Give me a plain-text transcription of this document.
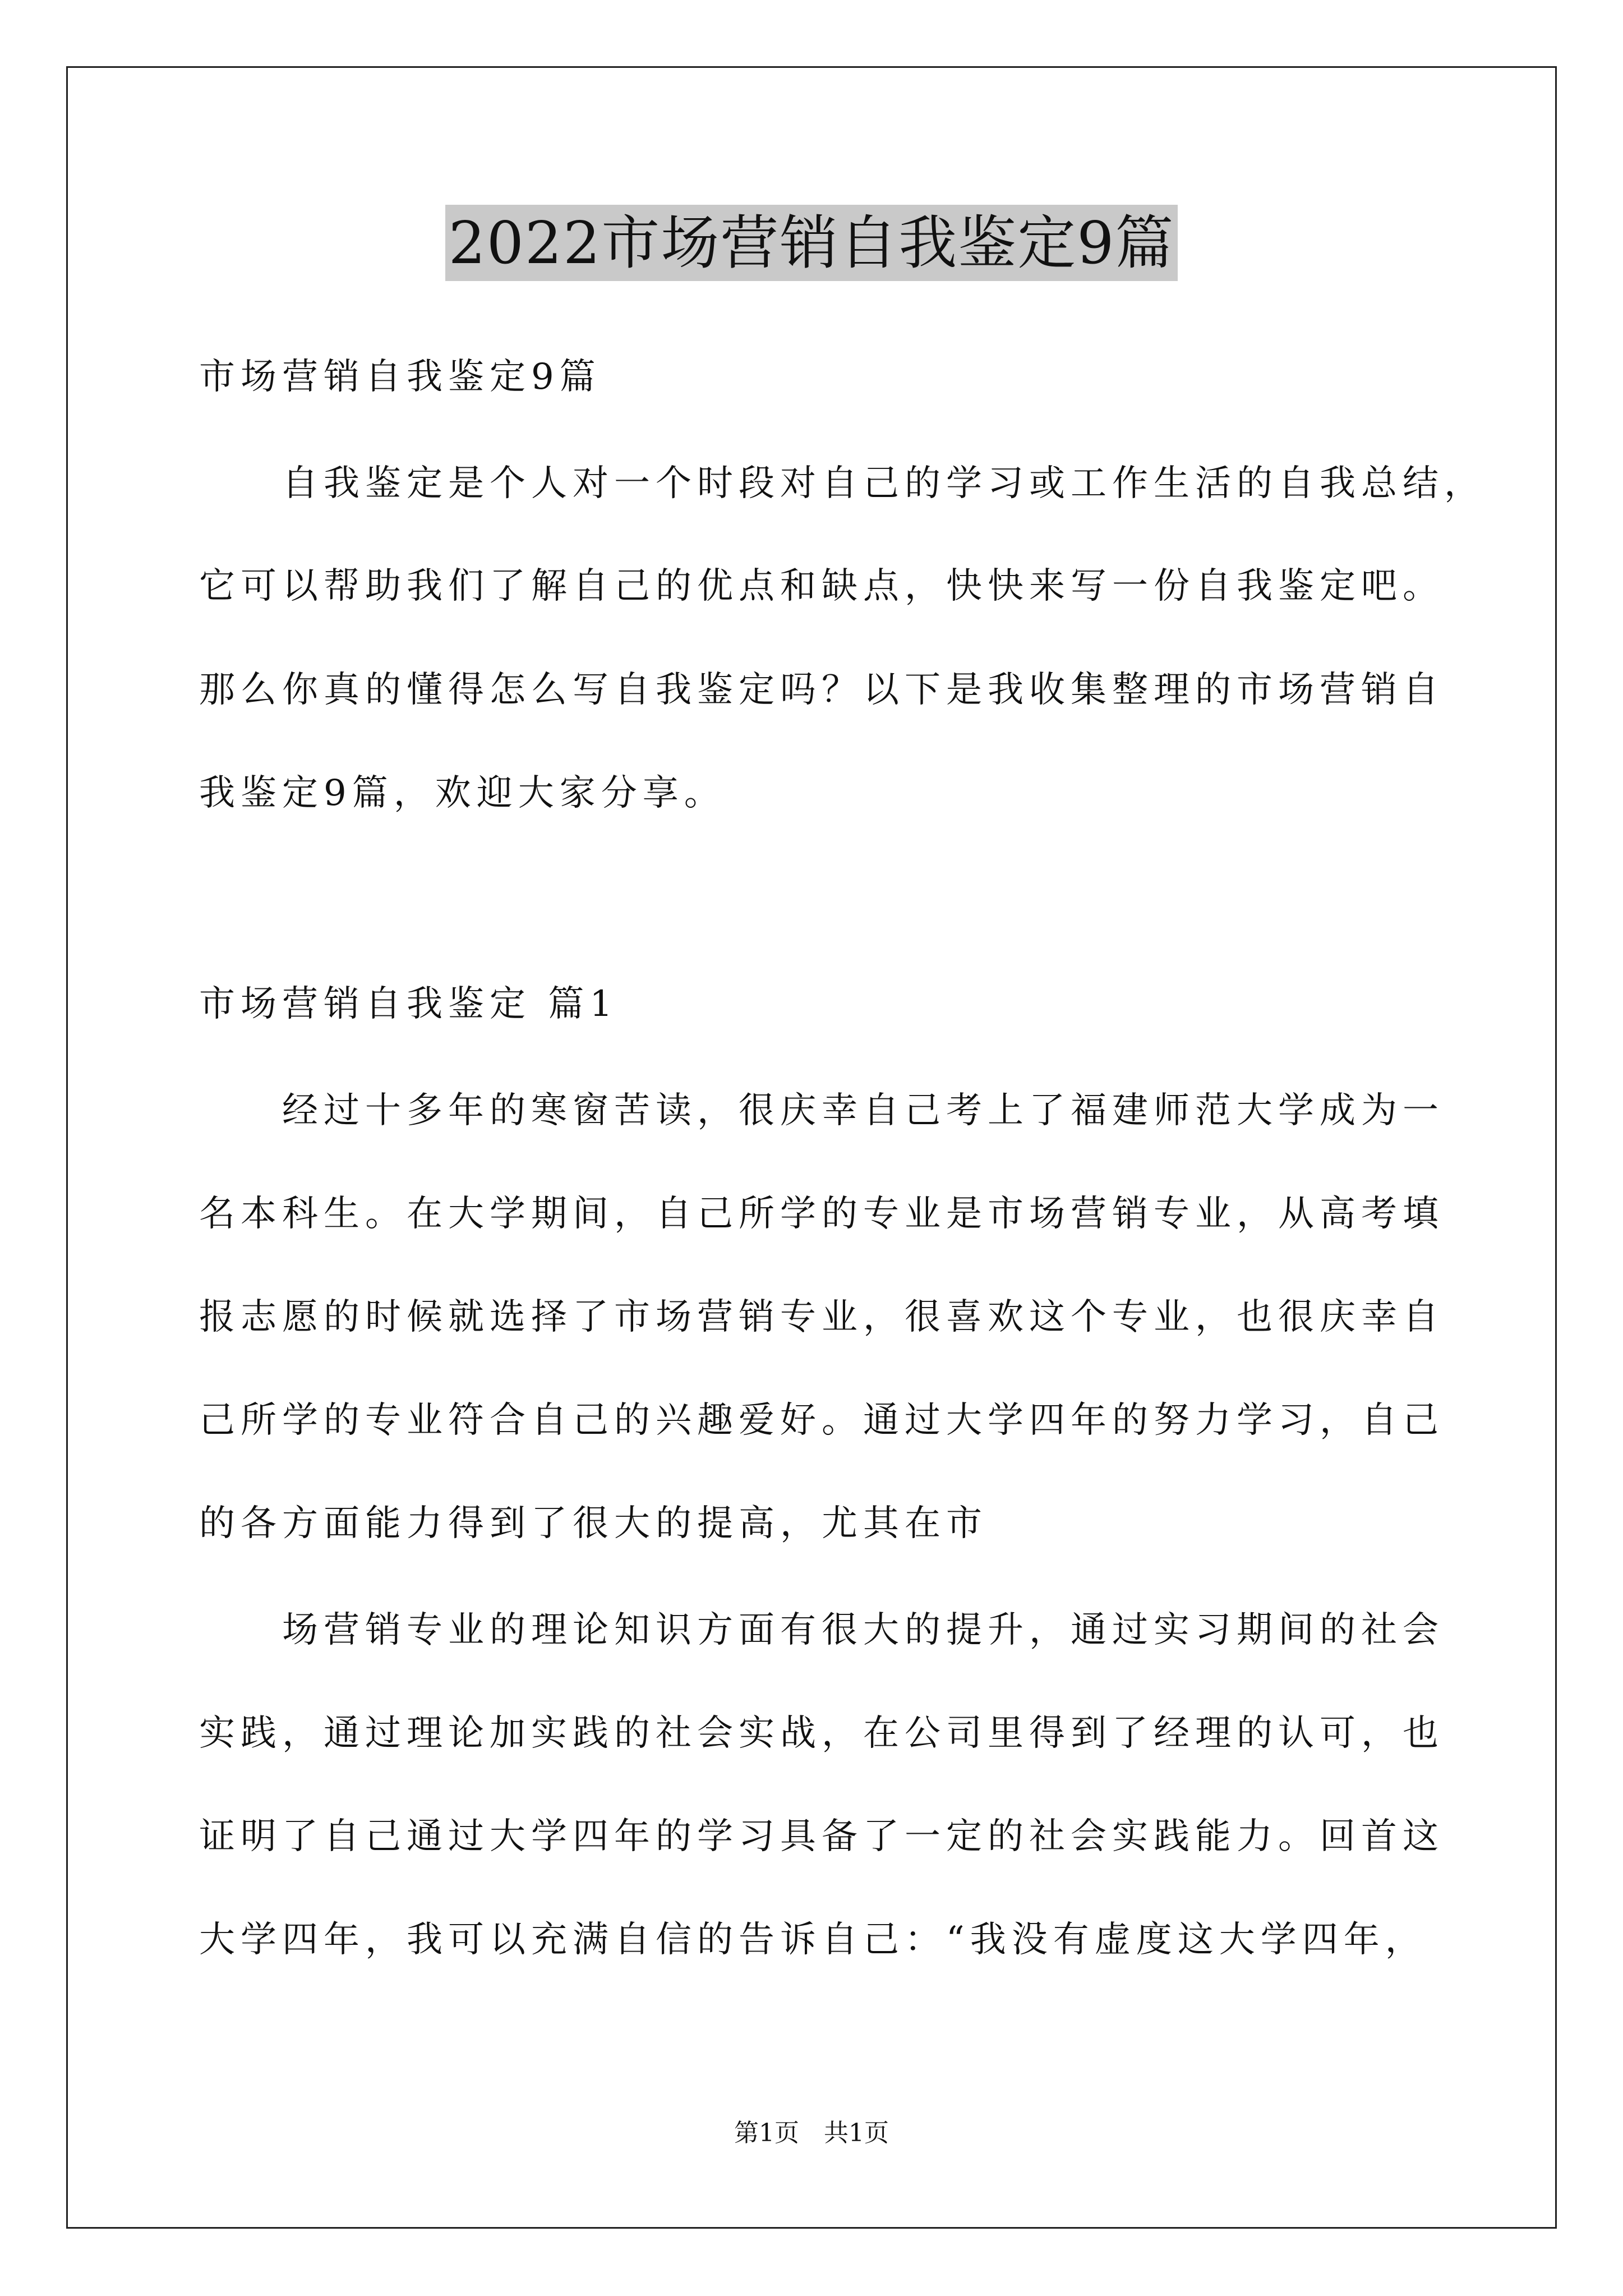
2022市场营销自我鉴定9篇
市场营销自我鉴定9篇
　　自我鉴定是个人对一个时段对自己的学习或工作生活的自我总结，
它可以帮助我们了解自己的优点和缺点，快快来写一份自我鉴定吧。
那么你真的懂得怎么写自我鉴定吗？以下是我收集整理的市场营销自
我鉴定9篇，欢迎大家分享。
市场营销自我鉴定 篇1
　　经过十多年的寒窗苦读，很庆幸自己考上了福建师范大学成为一
名本科生。在大学期间，自己所学的专业是市场营销专业，从高考填
报志愿的时候就选择了市场营销专业，很喜欢这个专业，也很庆幸自
己所学的专业符合自己的兴趣爱好。通过大学四年的努力学习，自己
的各方面能力得到了很大的提高，尤其在市
　　场营销专业的理论知识方面有很大的提升，通过实习期间的社会
实践，通过理论加实践的社会实战，在公司里得到了经理的认可，也
证明了自己通过大学四年的学习具备了一定的社会实践能力。回首这
大学四年，我可以充满自信的告诉自己：“我没有虚度这大学四年，
第1页　共1页
